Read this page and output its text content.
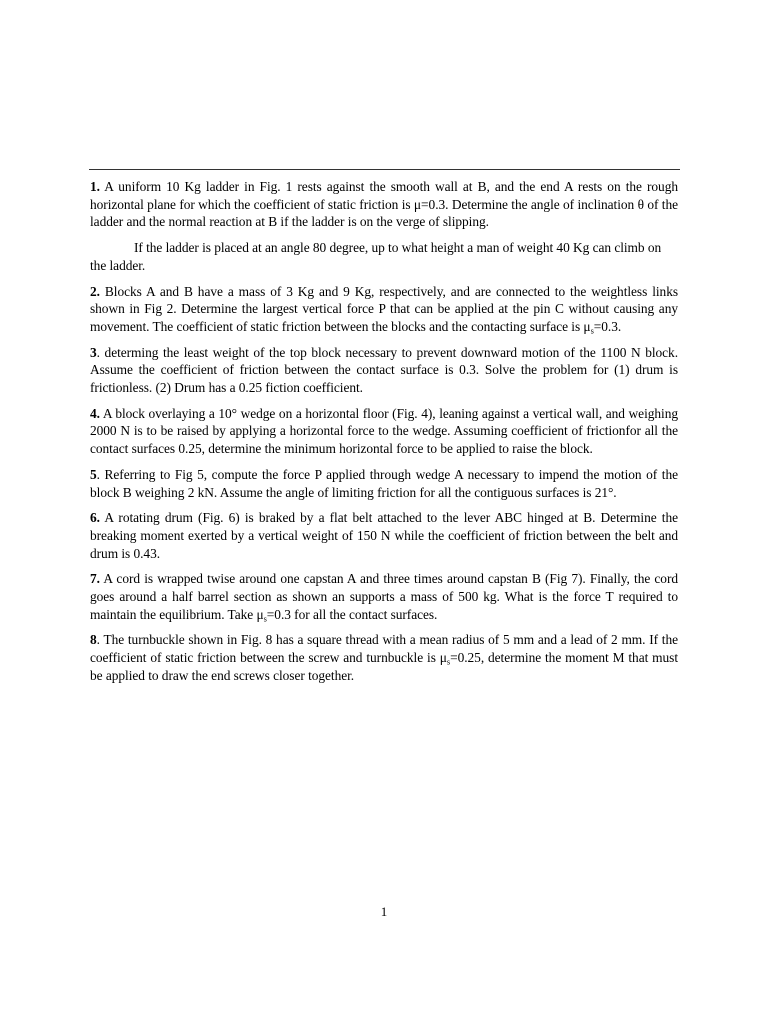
1. A uniform 10 Kg ladder in Fig. 1 rests against the smooth wall at B, and the end A rests on the rough horizontal plane for which the coefficient of static friction is μ=0.3. Determine the angle of inclination θ of the ladder and the normal reaction at B if the ladder is on the verge of slipping.

If the ladder is placed at an angle 80 degree, up to what height a man of weight 40 Kg can climb on the ladder.

2. Blocks A and B have a mass of 3 Kg and 9 Kg, respectively, and are connected to the weightless links shown in Fig 2. Determine the largest vertical force P that can be applied at the pin C without causing any movement. The coefficient of static friction between the blocks and the contacting surface is $\mu_s=0.3$.

3. determing the least weight of the top block necessary to prevent downward motion of the 1100 N block. Assume the coefficient of friction between the contact surface is 0.3. Solve the problem for (1) drum is frictionless. (2) Drum has a 0.25 fiction coefficient.

4. A block overlaying a 10° wedge on a horizontal floor (Fig. 4), leaning against a vertical wall, and weighing 2000 N is to be raised by applying a horizontal force to the wedge. Assuming coefficient of frictionfor all the contact surfaces 0.25, determine the minimum horizontal force to be applied to raise the block.

5. Referring to Fig 5, compute the force P applied through wedge A necessary to impend the motion of the block B weighing 2 kN. Assume the angle of limiting friction for all the contiguous surfaces is 21°.

6. A rotating drum (Fig. 6) is braked by a flat belt attached to the lever ABC hinged at B. Determine the breaking moment exerted by a vertical weight of 150 N while the coefficient of friction between the belt and drum is 0.43.

7. A cord is wrapped twise around one capstan A and three times around capstan B (Fig 7). Finally, the cord goes around a half barrel section as shown an supports a mass of 500 kg. What is the force T required to maintain the equilibrium. Take $\mu_s=0.3$ for all the contact surfaces.

8. The turnbuckle shown in Fig. 8 has a square thread with a mean radius of 5 mm and a lead of 2 mm. If the coefficient of static friction between the screw and turnbuckle is $\mu_s=0.25$, determine the moment M that must be applied to draw the end screws closer together.

1
